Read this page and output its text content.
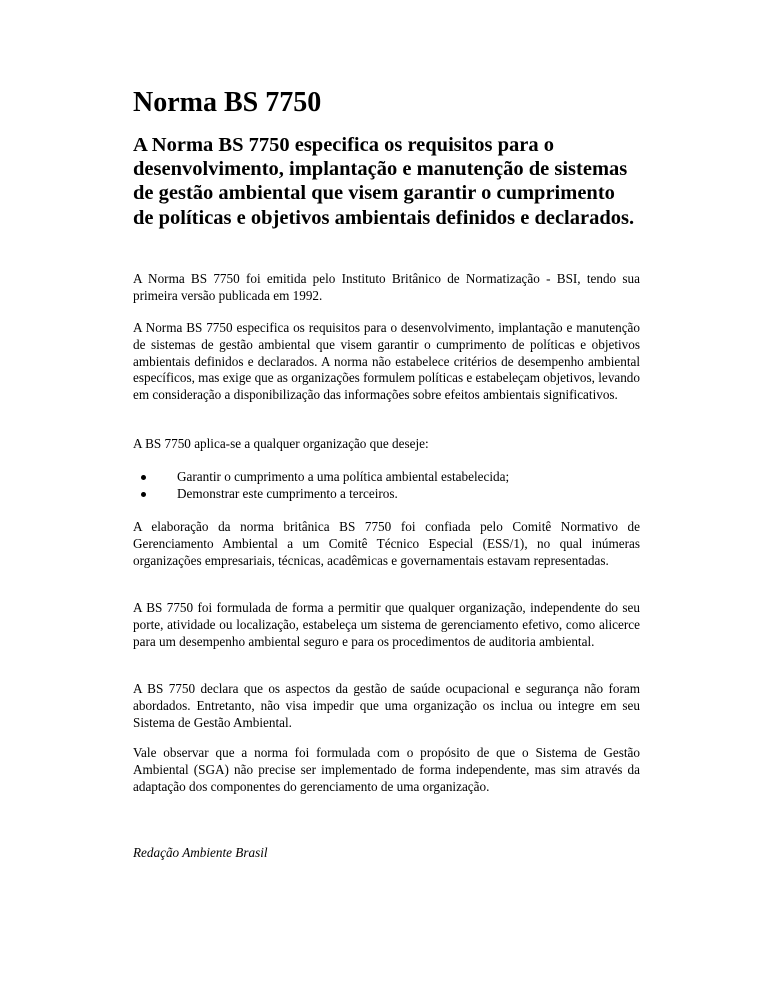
Norma BS 7750
A Norma BS 7750 especifica os requisitos para o desenvolvimento, implantação e manutenção de sistemas de gestão ambiental que visem garantir o cumprimento de políticas e objetivos ambientais definidos e declarados.

A Norma BS 7750 foi emitida pelo Instituto Britânico de Normatização - BSI, tendo sua primeira versão publicada em 1992.

A Norma BS 7750 especifica os requisitos para o desenvolvimento, implantação e manutenção de sistemas de gestão ambiental que visem garantir o cumprimento de políticas e objetivos ambientais definidos e declarados. A norma não estabelece critérios de desempenho ambiental específicos, mas exige que as organizações formulem políticas e estabeleçam objetivos, levando em consideração a disponibilização das informações sobre efeitos ambientais significativos.

A BS 7750 aplica-se a qualquer organização que deseje:

Garantir o cumprimento a uma política ambiental estabelecida;
Demonstrar este cumprimento a terceiros.

A elaboração da norma britânica BS 7750 foi confiada pelo Comitê Normativo de Gerenciamento Ambiental a um Comitê Técnico Especial (ESS/1), no qual inúmeras organizações empresariais, técnicas, acadêmicas e governamentais estavam representadas.

A BS 7750 foi formulada de forma a permitir que qualquer organização, independente do seu porte, atividade ou localização, estabeleça um sistema de gerenciamento efetivo, como alicerce para um desempenho ambiental seguro e para os procedimentos de auditoria ambiental.

A BS 7750 declara que os aspectos da gestão de saúde ocupacional e segurança não foram abordados. Entretanto, não visa impedir que uma organização os inclua ou integre em seu Sistema de Gestão Ambiental.

Vale observar que a norma foi formulada com o propósito de que o Sistema de Gestão Ambiental (SGA) não precise ser implementado de forma independente, mas sim através da adaptação dos componentes do gerenciamento de uma organização.

Redação Ambiente Brasil
